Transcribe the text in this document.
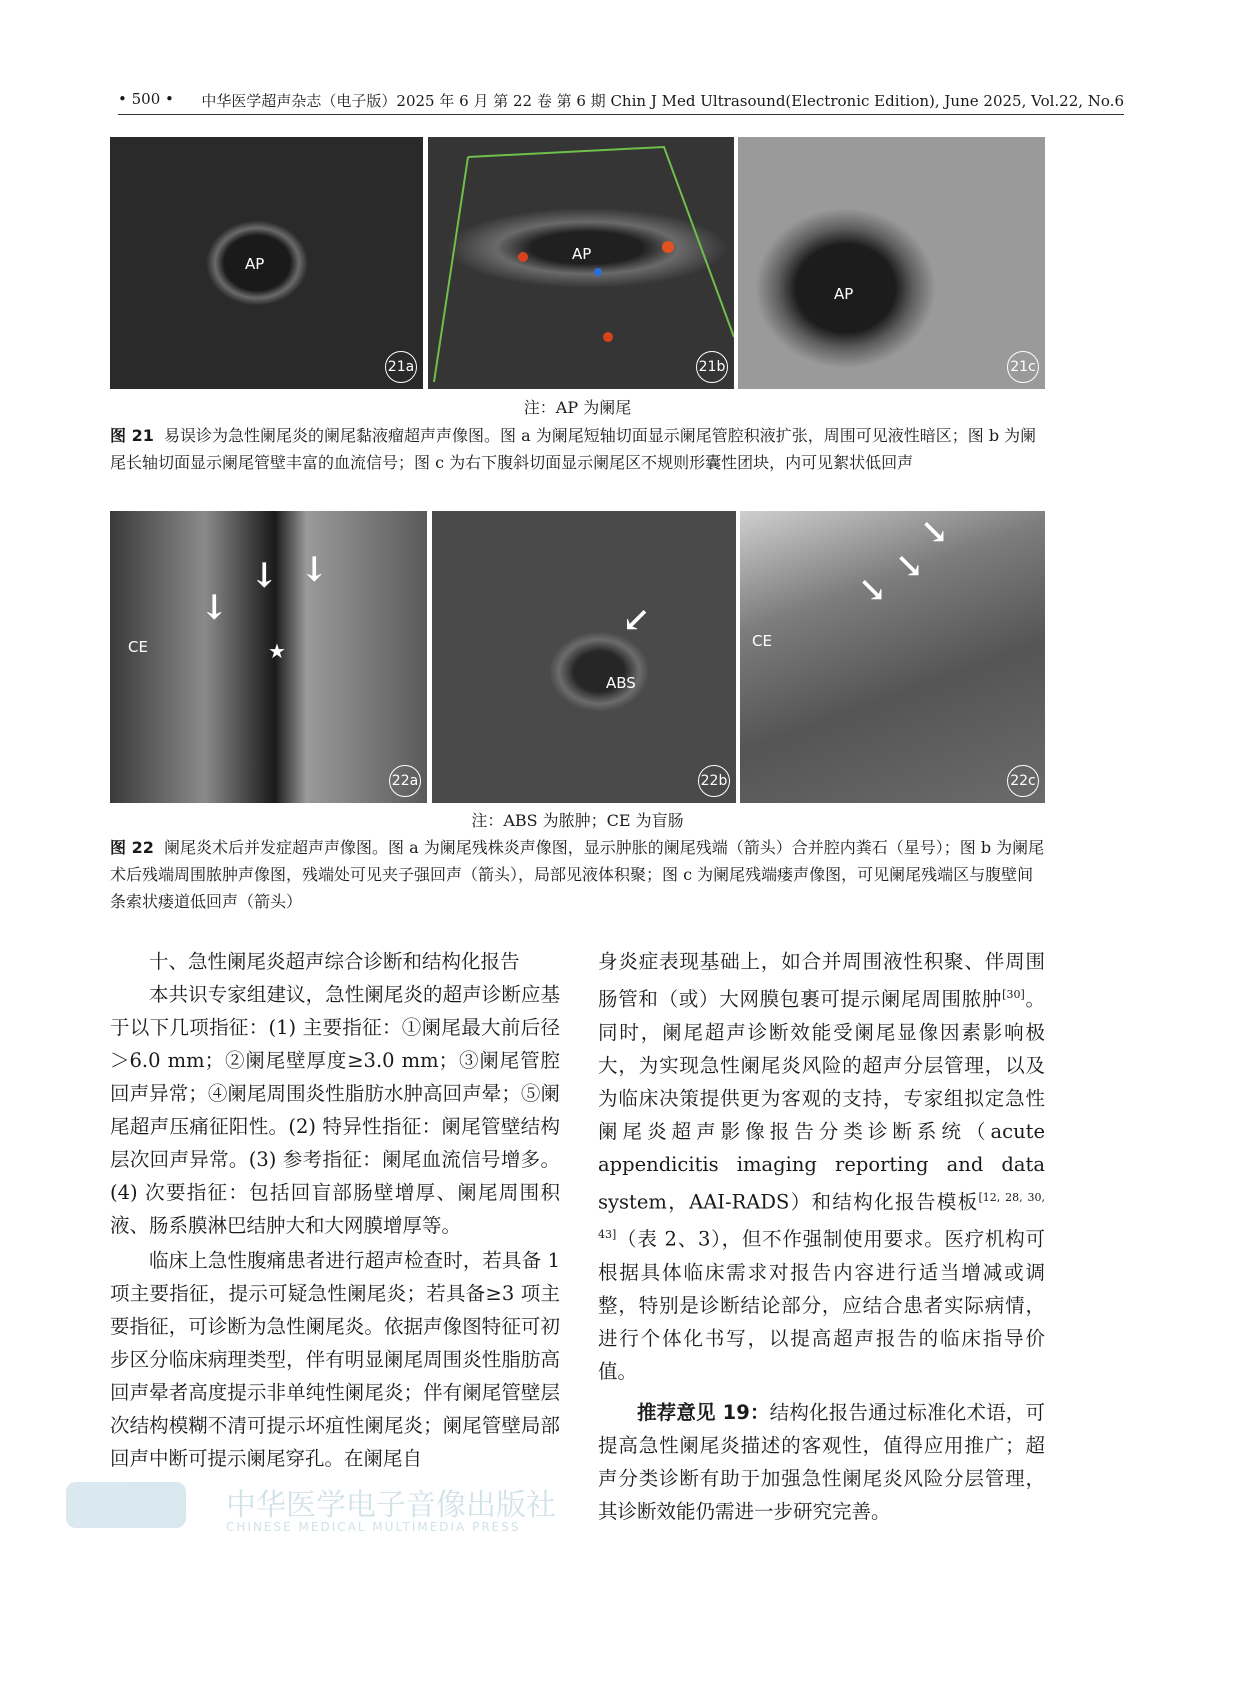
• 500 • 中华医学超声杂志（电子版）2025 年 6 月 第 22 卷 第 6 期 Chin J Med Ultrasound(Electronic Edition), June 2025, Vol.22, No.6
AP
21a
AP
21b
AP
21c
注：AP 为阑尾
图 21 易误诊为急性阑尾炎的阑尾黏液瘤超声声像图。图 a 为阑尾短轴切面显示阑尾管腔积液扩张，周围可见液性暗区；图 b 为阑尾长轴切面显示阑尾管壁丰富的血流信号；图 c 为右下腹斜切面显示阑尾区不规则形囊性团块，内可见絮状低回声
CE
↓
↓ ↓
★
22a
ABS
↙
22b
CE
↘
↘
↘
22c
注：ABS 为脓肿；CE 为盲肠
图 22 阑尾炎术后并发症超声声像图。图 a 为阑尾残株炎声像图，显示肿胀的阑尾残端（箭头）合并腔内粪石（星号）；图 b 为阑尾术后残端周围脓肿声像图，残端处可见夹子强回声（箭头），局部见液体积聚；图 c 为阑尾残端瘘声像图，可见阑尾残端区与腹壁间条索状瘘道低回声（箭头）

十、急性阑尾炎超声综合诊断和结构化报告

本共识专家组建议，急性阑尾炎的超声诊断应基于以下几项指征：(1) 主要指征：①阑尾最大前后径＞6.0 mm；②阑尾壁厚度≥3.0 mm；③阑尾管腔回声异常；④阑尾周围炎性脂肪水肿高回声晕；⑤阑尾超声压痛征阳性。(2) 特异性指征：阑尾管壁结构层次回声异常。(3) 参考指征：阑尾血流信号增多。(4) 次要指征：包括回盲部肠壁增厚、阑尾周围积液、肠系膜淋巴结肿大和大网膜增厚等。

临床上急性腹痛患者进行超声检查时，若具备 1 项主要指征，提示可疑急性阑尾炎；若具备≥3 项主要指征，可诊断为急性阑尾炎。依据声像图特征可初步区分临床病理类型，伴有明显阑尾周围炎性脂肪高回声晕者高度提示非单纯性阑尾炎；伴有阑尾管壁层次结构模糊不清可提示坏疽性阑尾炎；阑尾管壁局部回声中断可提示阑尾穿孔。在阑尾自

身炎症表现基础上，如合并周围液性积聚、伴周围肠管和（或）大网膜包裹可提示阑尾周围脓肿[30]。同时，阑尾超声诊断效能受阑尾显像因素影响极大，为实现急性阑尾炎风险的超声分层管理，以及为临床决策提供更为客观的支持，专家组拟定急性阑尾炎超声影像报告分类诊断系统（acute appendicitis imaging reporting and data system，AAI-RADS）和结构化报告模板[12, 28, 30, 43]（表 2、3），但不作强制使用要求。医疗机构可根据具体临床需求对报告内容进行适当增减或调整，特别是诊断结论部分，应结合患者实际病情，进行个体化书写，以提高超声报告的临床指导价值。

推荐意见 19：结构化报告通过标准化术语，可提高急性阑尾炎描述的客观性，值得应用推广；超声分类诊断有助于加强急性阑尾炎风险分层管理，其诊断效能仍需进一步研究完善。

中华医学电子音像出版社
CHINESE MEDICAL MULTIMEDIA PRESS
